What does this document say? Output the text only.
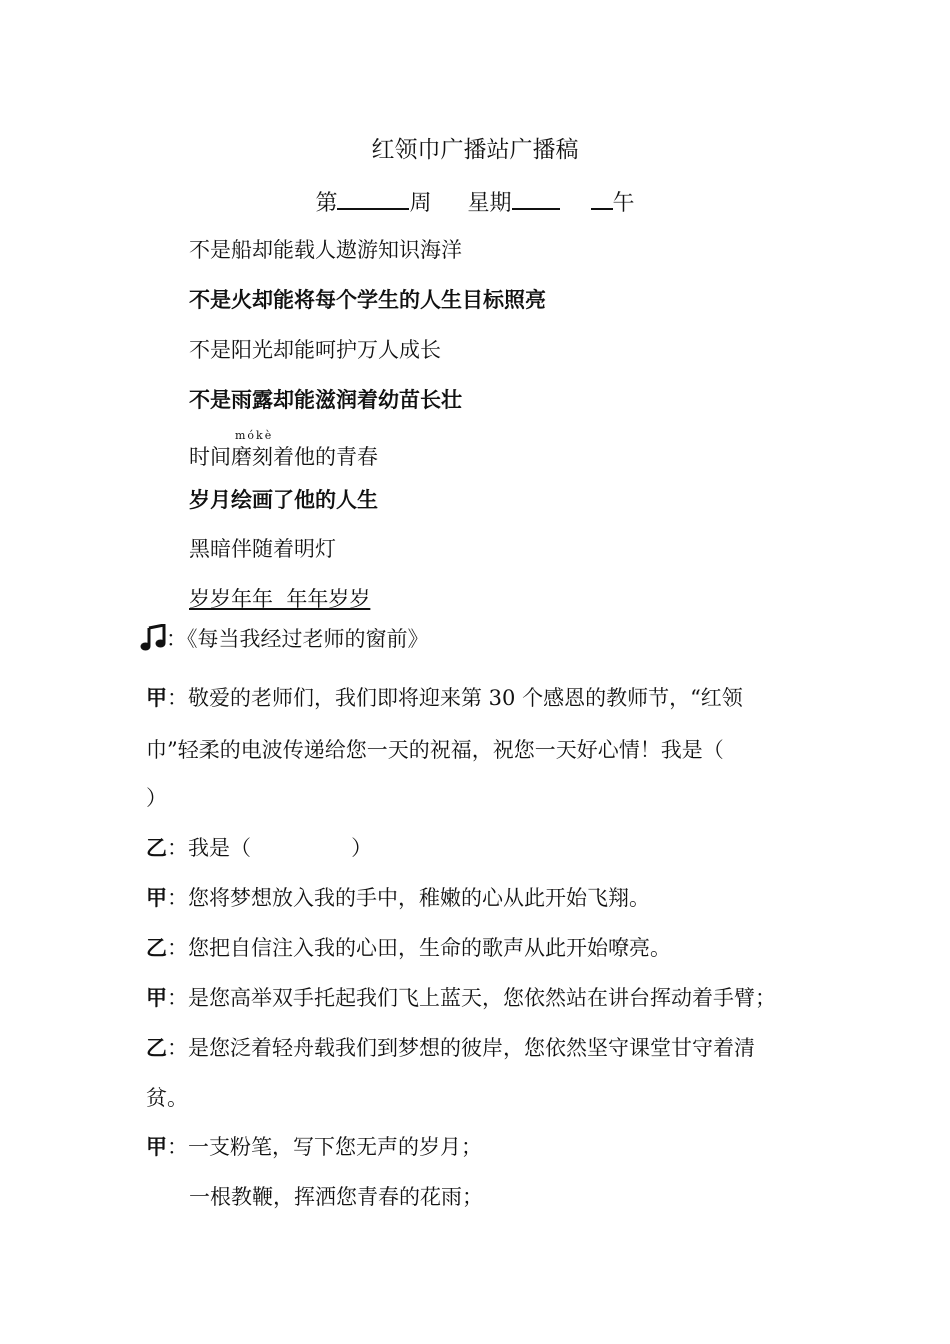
红领巾广播站广播稿
第	周 星期	午
不是船却能载人遨游知识海洋
不是火却能将每个学生的人生目标照亮
不是阳光却能呵护万人成长
不是雨露却能滋润着幼苗长壮
mókè
时间磨刻着他的青春
岁月绘画了他的人生
黑暗伴随着明灯
岁岁年年  年年岁岁
：《每当我经过老师的窗前》
甲：敬爱的老师们，我们即将迎来第 30 个感恩的教师节，“红领
巾”轻柔的电波传递给您一天的祝福，祝您一天好心情！我是（
）
乙：我是（               ）
甲：您将梦想放入我的手中，稚嫩的心从此开始飞翔。
乙：您把自信注入我的心田，生命的歌声从此开始嘹亮。
甲：是您高举双手托起我们飞上蓝天，您依然站在讲台挥动着手臂；
乙：是您泛着轻舟载我们到梦想的彼岸，您依然坚守课堂甘守着清
贫。
甲：一支粉笔，写下您无声的岁月；
一根教鞭，挥洒您青春的花雨；
